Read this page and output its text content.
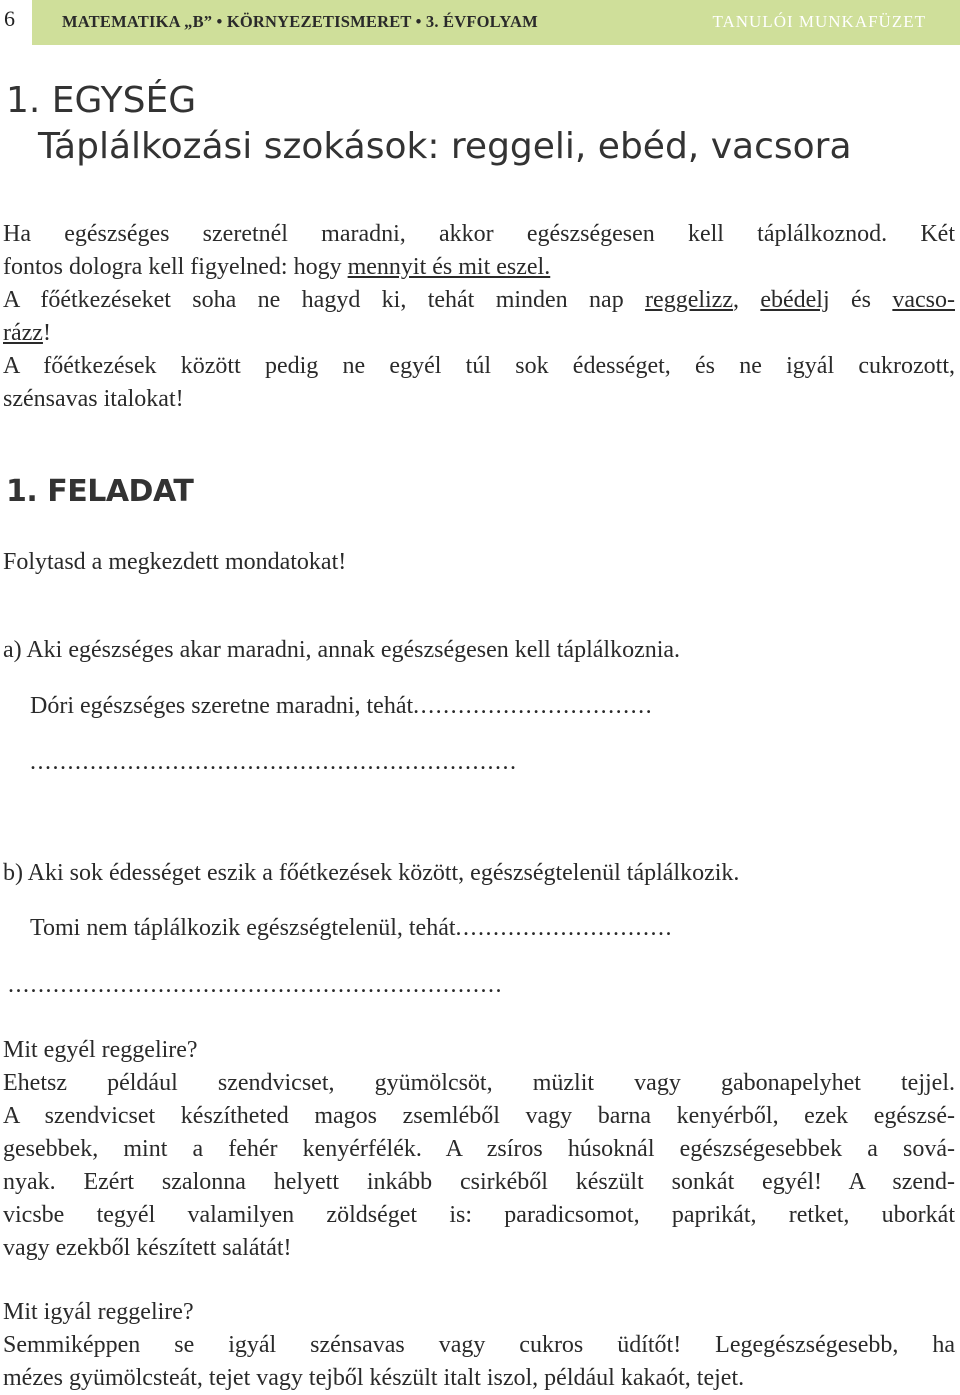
6	MATEMATIKA „B” • KÖRNYEZETISMERET • 3. ÉVFOLYAM	TANULÓI MUNKAFÜZET
1. EGYSÉG
Táplálkozási szokások: reggeli, ebéd, vacsora
Ha egészséges szeretnél maradni, akkor egészségesen kell táplálkoznod. Két
fontos dologra kell figyelned: hogy mennyit és mit eszel.
A főétkezéseket soha ne hagyd ki, tehát minden nap reggelizz, ebédelj és vacso-
rázz!
A főétkezések között pedig ne egyél túl sok édességet, és ne igyál cukrozott,
szénsavas italokat!
1. FELADAT
Folytasd a megkezdett mondatokat!
a) Aki egészséges akar maradni, annak egészségesen kell táplálkoznia.
Dóri egészséges szeretne maradni, tehát................................
.................................................................
b) Aki sok édességet eszik a főétkezések között, egészségtelenül táplálkozik.
Tomi nem táplálkozik egészségtelenül, tehát.............................
..................................................................
Mit egyél reggelire?
Ehetsz például szendvicset, gyümölcsöt, müzlit vagy gabonapelyhet tejjel.
A szendvicset készítheted magos zsemléből vagy barna kenyérből, ezek egészsé-
gesebbek, mint a fehér kenyérfélék. A zsíros húsoknál egészségesebbek a sová-
nyak. Ezért szalonna helyett inkább csirkéből készült sonkát egyél! A szend-
vicsbe tegyél valamilyen zöldséget is: paradicsomot, paprikát, retket, uborkát
vagy ezekből készített salátát!
Mit igyál reggelire?
Semmiképpen se igyál szénsavas vagy cukros üdítőt! Legegészségesebb, ha
mézes gyümölcsteát, tejet vagy tejből készült italt iszol, például kakaót, tejet.
